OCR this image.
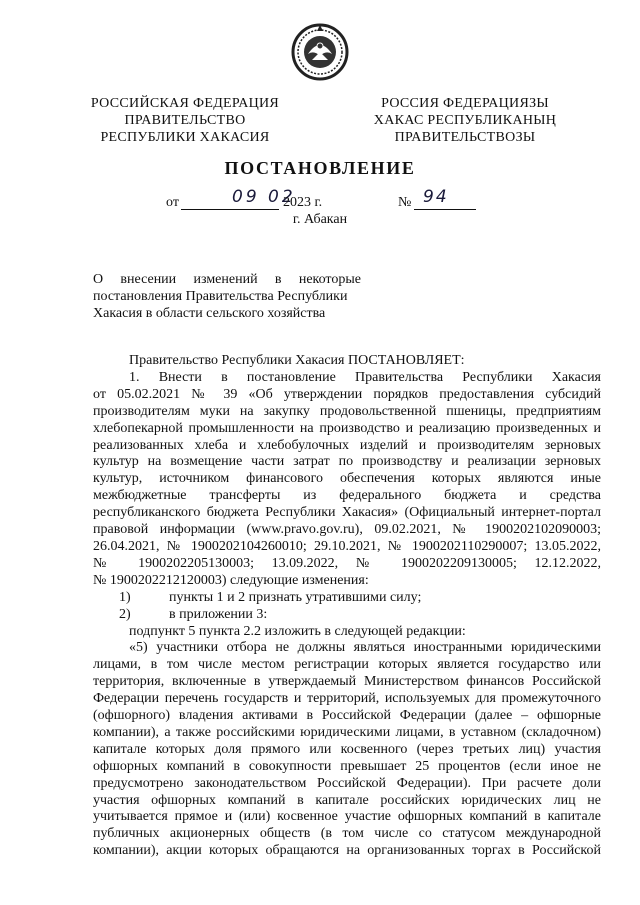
РОССИЙСКАЯ ФЕДЕРАЦИЯ
ПРАВИТЕЛЬСТВО
РЕСПУБЛИКИ ХАКАСИЯ
РОССИЯ ФЕДЕРАЦИЯЗЫ
ХАКАС РЕСПУБЛИКАНЫҢ
ПРАВИТЕЛЬСТВОЗЫ
ПОСТАНОВЛЕНИЕ
от	09 02
2023 г.	№ 94
г. Абакан
О внесении изменений в некоторые
постановления Правительства Республики
Хакасия в области сельского хозяйства
Правительство Республики Хакасия ПОСТАНОВЛЯЕТ:
1. Внести в постановление Правительства Республики Хакасия
от 05.02.2021 № 39 «Об утверждении порядков предоставления субсидий
производителям муки на закупку продовольственной пшеницы, предприятиям
хлебопекарной промышленности на производство и реализацию произведенных и
реализованных хлеба и хлебобулочных изделий и производителям зерновых
культур на возмещение части затрат по производству и реализации зерновых
культур, источником финансового обеспечения которых являются иные
межбюджетные трансферты из федерального бюджета и средства
республиканского бюджета Республики Хакасия» (Официальный интернет-портал
правовой информации (www.pravo.gov.ru), 09.02.2021, № 1900202102090003;
26.04.2021, № 1900202104260010; 29.10.2021, № 1900202110290007; 13.05.2022,
№ 1900202205130003; 13.09.2022, № 1900202209130005; 12.12.2022,
№ 1900202212120003) следующие изменения:
1)	пункты 1 и 2 признать утратившими силу;
2)	в приложении 3:
подпункт 5 пункта 2.2 изложить в следующей редакции:
«5) участники отбора не должны являться иностранными юридическими
лицами, в том числе местом регистрации которых является государство или
территория, включенные в утверждаемый Министерством финансов Российской
Федерации перечень государств и территорий, используемых для промежуточного
(офшорного) владения активами в Российской Федерации (далее – офшорные
компании), а также российскими юридическими лицами, в уставном (складочном)
капитале которых доля прямого или косвенного (через третьих лиц) участия
офшорных компаний в совокупности превышает 25 процентов (если иное не
предусмотрено законодательством Российской Федерации). При расчете доли
участия офшорных компаний в капитале российских юридических лиц не
учитывается прямое и (или) косвенное участие офшорных компаний в капитале
публичных акционерных обществ (в том числе со статусом международной
компании), акции которых обращаются на организованных торгах в Российской
